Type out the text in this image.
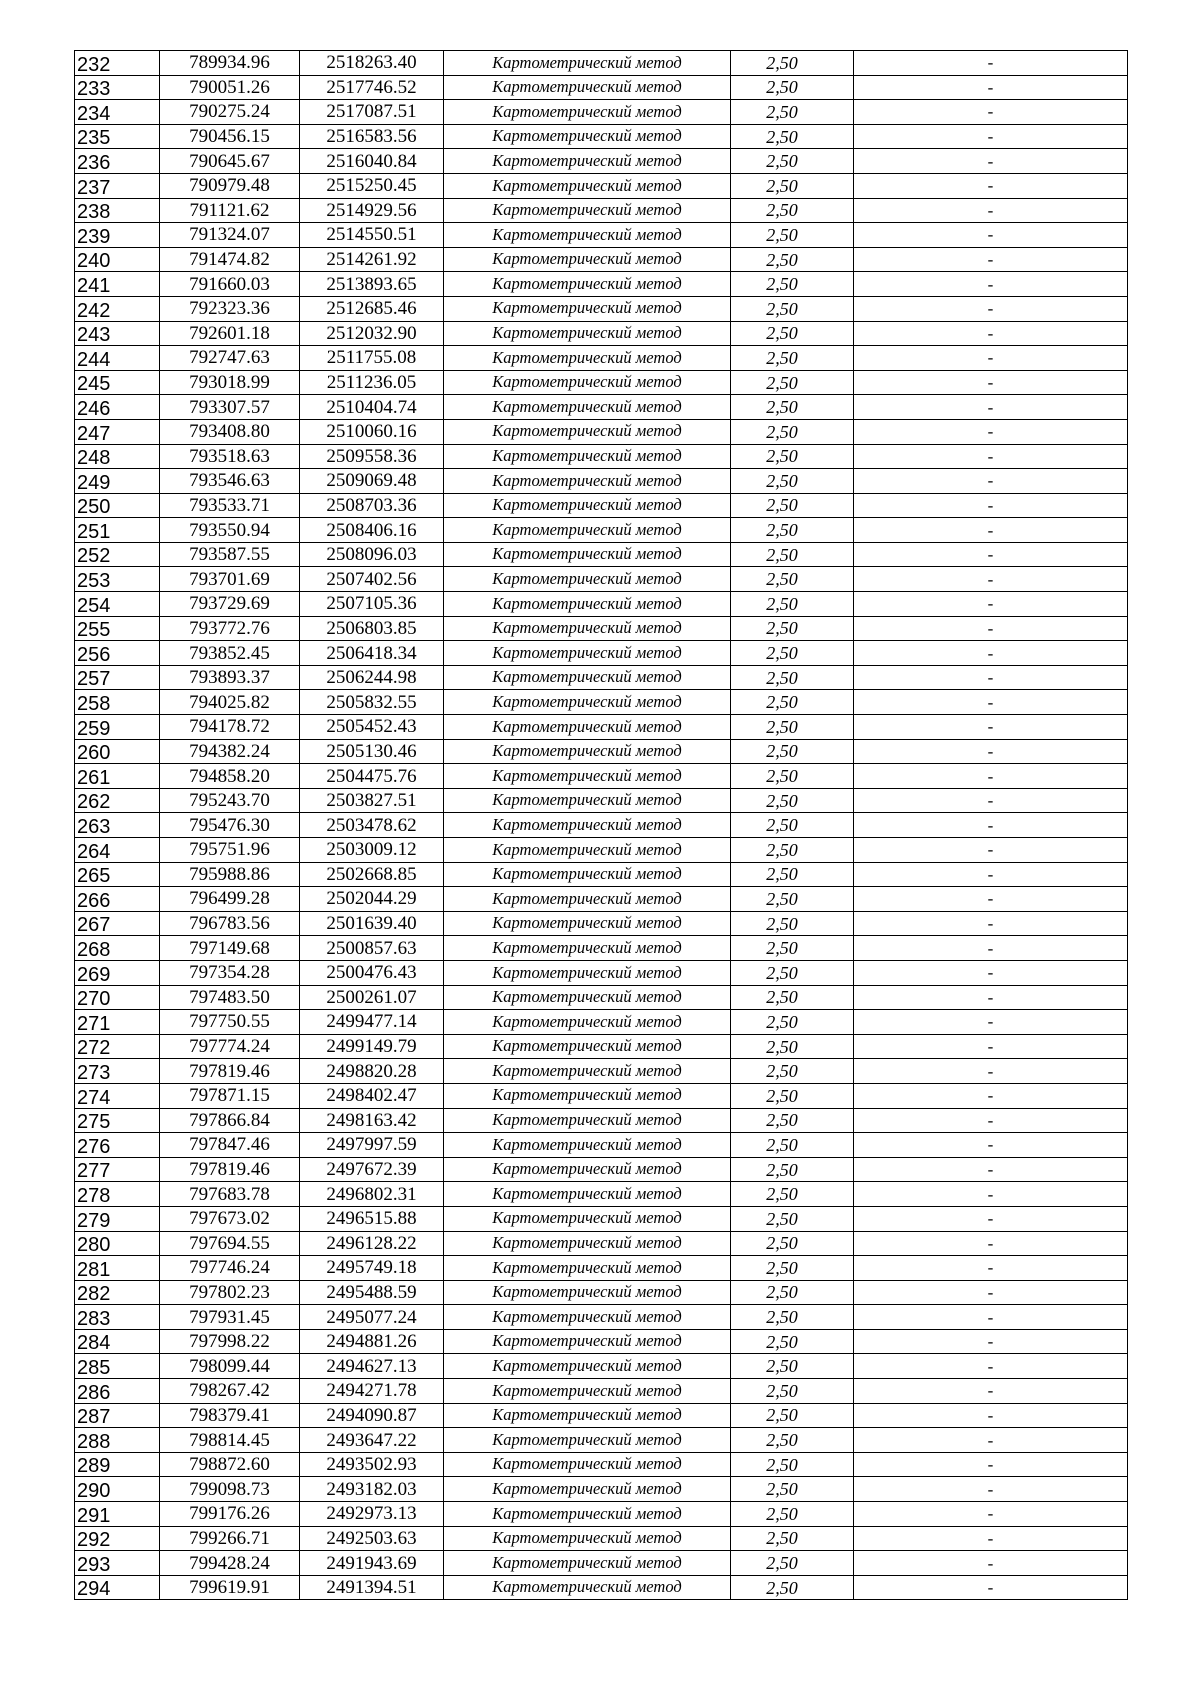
232	789934.96	2518263.40	Картометрический метод	2,50	-
233	790051.26	2517746.52	Картометрический метод	2,50	-
234	790275.24	2517087.51	Картометрический метод	2,50	-
235	790456.15	2516583.56	Картометрический метод	2,50	-
236	790645.67	2516040.84	Картометрический метод	2,50	-
237	790979.48	2515250.45	Картометрический метод	2,50	-
238	791121.62	2514929.56	Картометрический метод	2,50	-
239	791324.07	2514550.51	Картометрический метод	2,50	-
240	791474.82	2514261.92	Картометрический метод	2,50	-
241	791660.03	2513893.65	Картометрический метод	2,50	-
242	792323.36	2512685.46	Картометрический метод	2,50	-
243	792601.18	2512032.90	Картометрический метод	2,50	-
244	792747.63	2511755.08	Картометрический метод	2,50	-
245	793018.99	2511236.05	Картометрический метод	2,50	-
246	793307.57	2510404.74	Картометрический метод	2,50	-
247	793408.80	2510060.16	Картометрический метод	2,50	-
248	793518.63	2509558.36	Картометрический метод	2,50	-
249	793546.63	2509069.48	Картометрический метод	2,50	-
250	793533.71	2508703.36	Картометрический метод	2,50	-
251	793550.94	2508406.16	Картометрический метод	2,50	-
252	793587.55	2508096.03	Картометрический метод	2,50	-
253	793701.69	2507402.56	Картометрический метод	2,50	-
254	793729.69	2507105.36	Картометрический метод	2,50	-
255	793772.76	2506803.85	Картометрический метод	2,50	-
256	793852.45	2506418.34	Картометрический метод	2,50	-
257	793893.37	2506244.98	Картометрический метод	2,50	-
258	794025.82	2505832.55	Картометрический метод	2,50	-
259	794178.72	2505452.43	Картометрический метод	2,50	-
260	794382.24	2505130.46	Картометрический метод	2,50	-
261	794858.20	2504475.76	Картометрический метод	2,50	-
262	795243.70	2503827.51	Картометрический метод	2,50	-
263	795476.30	2503478.62	Картометрический метод	2,50	-
264	795751.96	2503009.12	Картометрический метод	2,50	-
265	795988.86	2502668.85	Картометрический метод	2,50	-
266	796499.28	2502044.29	Картометрический метод	2,50	-
267	796783.56	2501639.40	Картометрический метод	2,50	-
268	797149.68	2500857.63	Картометрический метод	2,50	-
269	797354.28	2500476.43	Картометрический метод	2,50	-
270	797483.50	2500261.07	Картометрический метод	2,50	-
271	797750.55	2499477.14	Картометрический метод	2,50	-
272	797774.24	2499149.79	Картометрический метод	2,50	-
273	797819.46	2498820.28	Картометрический метод	2,50	-
274	797871.15	2498402.47	Картометрический метод	2,50	-
275	797866.84	2498163.42	Картометрический метод	2,50	-
276	797847.46	2497997.59	Картометрический метод	2,50	-
277	797819.46	2497672.39	Картометрический метод	2,50	-
278	797683.78	2496802.31	Картометрический метод	2,50	-
279	797673.02	2496515.88	Картометрический метод	2,50	-
280	797694.55	2496128.22	Картометрический метод	2,50	-
281	797746.24	2495749.18	Картометрический метод	2,50	-
282	797802.23	2495488.59	Картометрический метод	2,50	-
283	797931.45	2495077.24	Картометрический метод	2,50	-
284	797998.22	2494881.26	Картометрический метод	2,50	-
285	798099.44	2494627.13	Картометрический метод	2,50	-
286	798267.42	2494271.78	Картометрический метод	2,50	-
287	798379.41	2494090.87	Картометрический метод	2,50	-
288	798814.45	2493647.22	Картометрический метод	2,50	-
289	798872.60	2493502.93	Картометрический метод	2,50	-
290	799098.73	2493182.03	Картометрический метод	2,50	-
291	799176.26	2492973.13	Картометрический метод	2,50	-
292	799266.71	2492503.63	Картометрический метод	2,50	-
293	799428.24	2491943.69	Картометрический метод	2,50	-
294	799619.91	2491394.51	Картометрический метод	2,50	-
